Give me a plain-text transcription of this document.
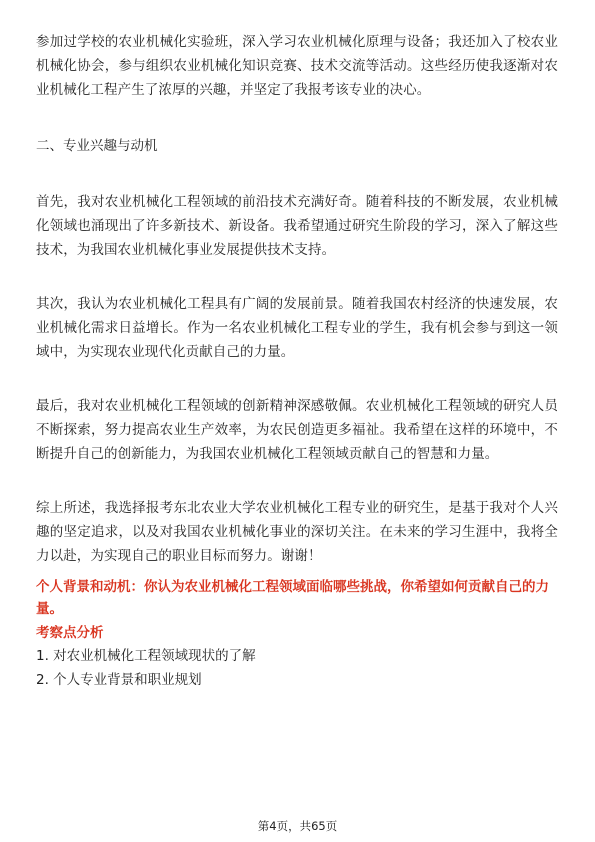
参加过学校的农业机械化实验班，深入学习农业机械化原理与设备；我还加入了校农业机械化协会，参与组织农业机械化知识竞赛、技术交流等活动。这些经历使我逐渐对农业机械化工程产生了浓厚的兴趣，并坚定了我报考该专业的决心。

二、专业兴趣与动机

首先，我对农业机械化工程领域的前沿技术充满好奇。随着科技的不断发展，农业机械化领域也涌现出了许多新技术、新设备。我希望通过研究生阶段的学习，深入了解这些技术，为我国农业机械化事业发展提供技术支持。

其次，我认为农业机械化工程具有广阔的发展前景。随着我国农村经济的快速发展，农业机械化需求日益增长。作为一名农业机械化工程专业的学生，我有机会参与到这一领域中，为实现农业现代化贡献自己的力量。

最后，我对农业机械化工程领域的创新精神深感敬佩。农业机械化工程领域的研究人员不断探索，努力提高农业生产效率，为农民创造更多福祉。我希望在这样的环境中，不断提升自己的创新能力，为我国农业机械化工程领域贡献自己的智慧和力量。

综上所述，我选择报考东北农业大学农业机械化工程专业的研究生，是基于我对个人兴趣的坚定追求，以及对我国农业机械化事业的深切关注。在未来的学习生涯中，我将全力以赴，为实现自己的职业目标而努力。谢谢！

个人背景和动机：你认为农业机械化工程领域面临哪些挑战，你希望如何贡献自己的力量。

考察点分析

1. 对农业机械化工程领域现状的了解

2. 个人专业背景和职业规划

第4页，共65页
